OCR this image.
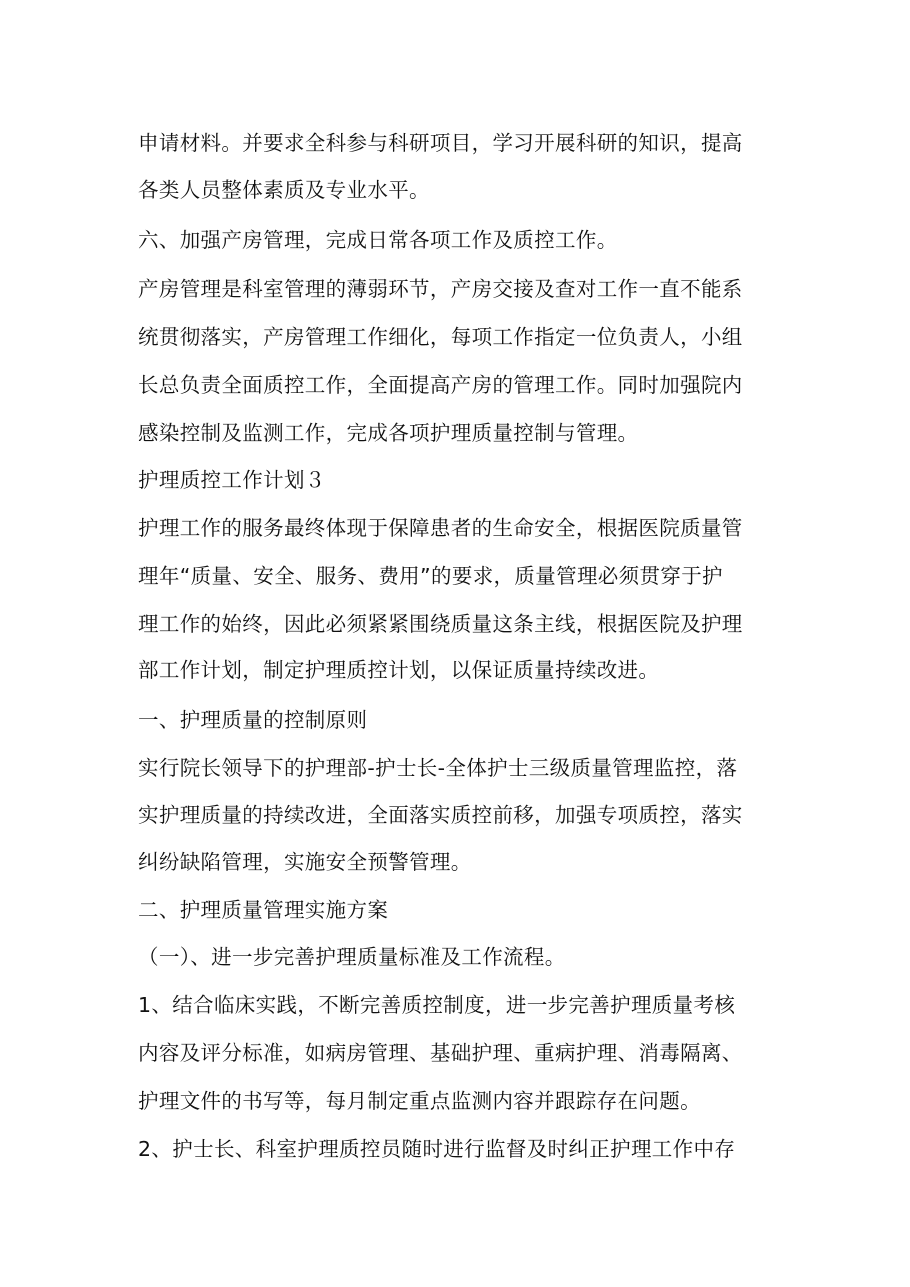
申请材料。并要求全科参与科研项目，学习开展科研的知识，提高
各类人员整体素质及专业水平。
六、加强产房管理，完成日常各项工作及质控工作。
产房管理是科室管理的薄弱环节，产房交接及查对工作一直不能系
统贯彻落实，产房管理工作细化，每项工作指定一位负责人，小组
长总负责全面质控工作，全面提高产房的管理工作。同时加强院内
感染控制及监测工作，完成各项护理质量控制与管理。
护理质控工作计划３
护理工作的服务最终体现于保障患者的生命安全，根据医院质量管
理年“质量、安全、服务、费用”的要求，质量管理必须贯穿于护
理工作的始终，因此必须紧紧围绕质量这条主线，根据医院及护理
部工作计划，制定护理质控计划，以保证质量持续改进。
一、护理质量的控制原则
实行院长领导下的护理部-护士长-全体护士三级质量管理监控，落
实护理质量的持续改进，全面落实质控前移，加强专项质控，落实
纠纷缺陷管理，实施安全预警管理。
二、护理质量管理实施方案
（一）、进一步完善护理质量标准及工作流程。
1、结合临床实践，不断完善质控制度，进一步完善护理质量考核
内容及评分标准，如病房管理、基础护理、重病护理、消毒隔离、
护理文件的书写等，每月制定重点监测内容并跟踪存在问题。
2、护士长、科室护理质控员随时进行监督及时纠正护理工作中存
